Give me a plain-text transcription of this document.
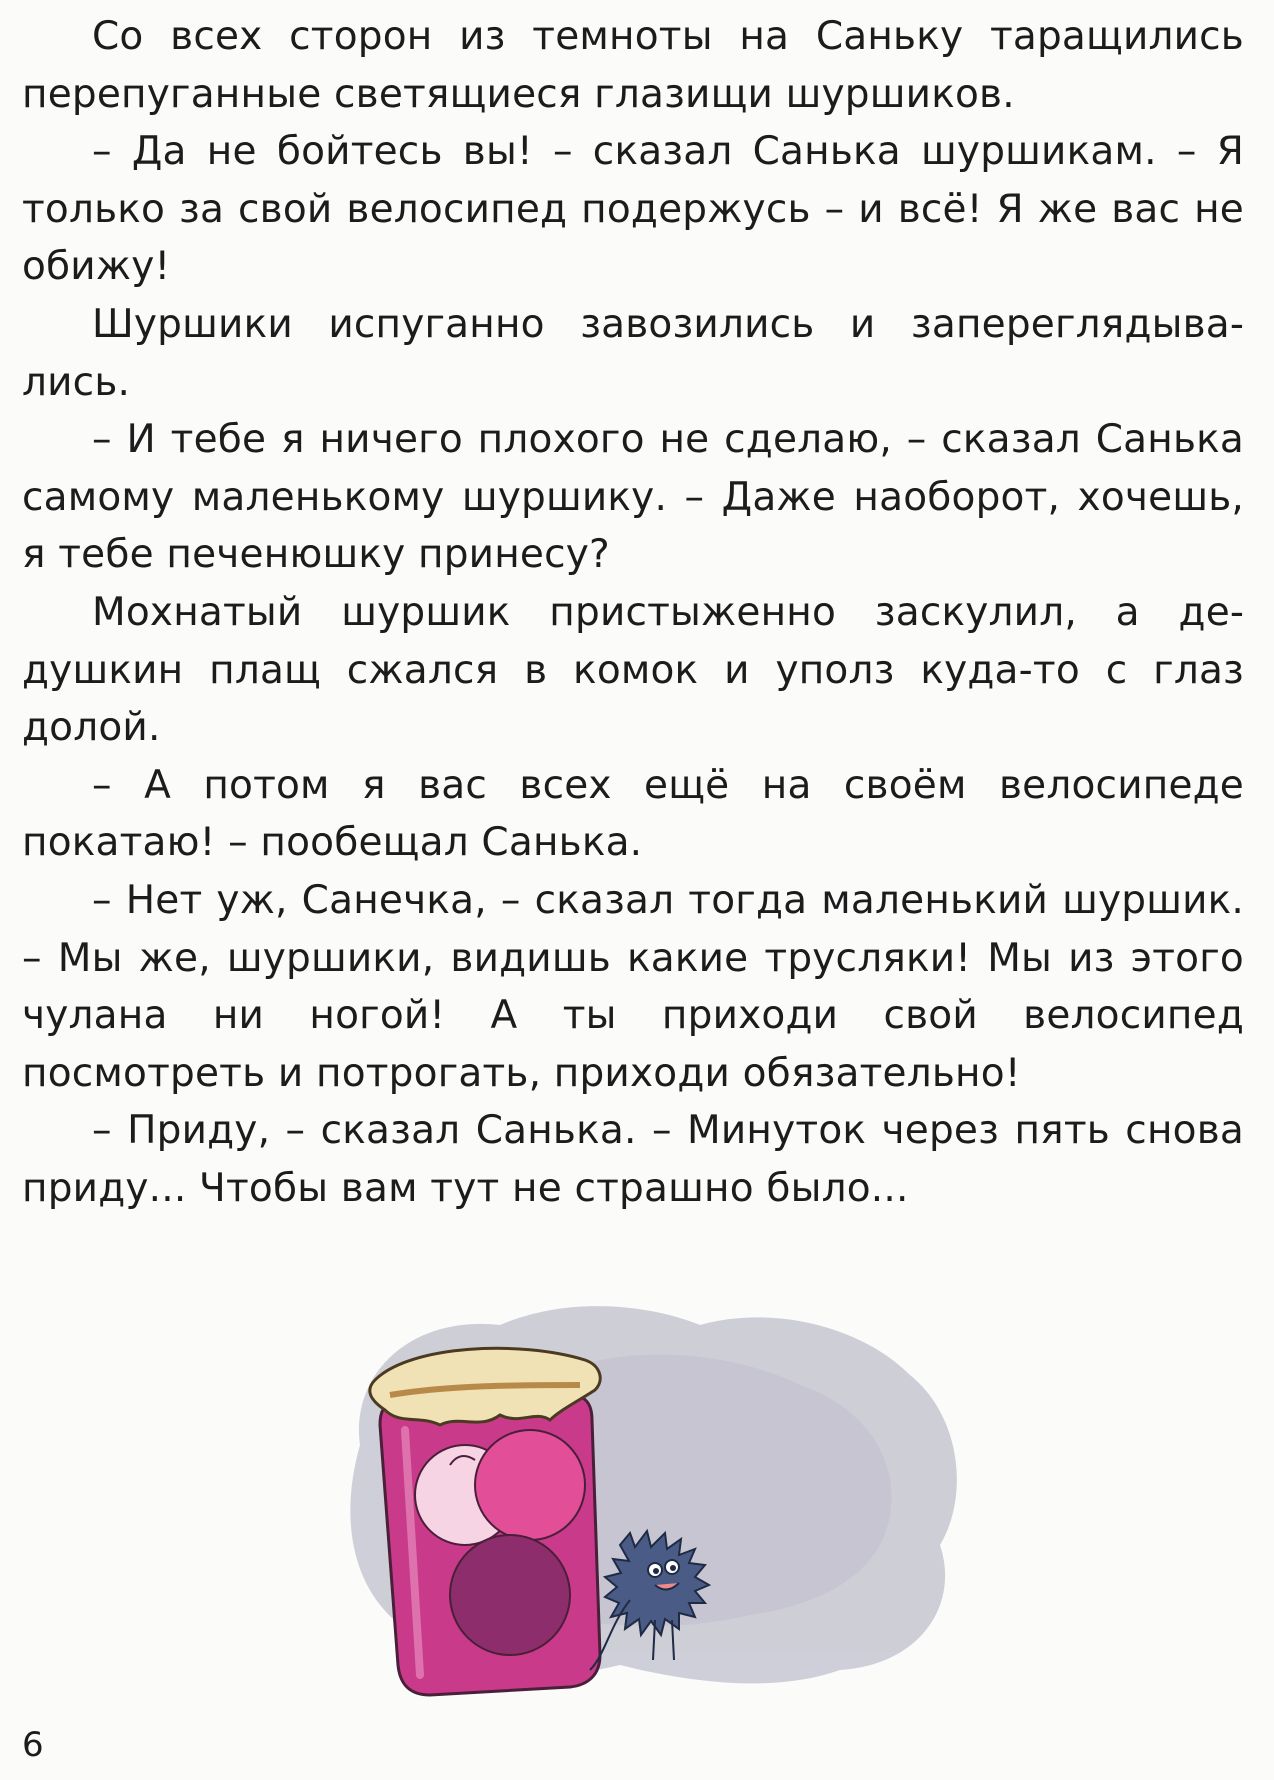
Со всех сторон из темноты на Саньку таращились перепуганные светящиеся глазищи шуршиков.

– Да не бойтесь вы! – сказал Санька шуршикам. – Я только за свой велосипед подержусь – и всё! Я же вас не обижу!

Шуршики испуганно завозились и запереглядывались.

– И тебе я ничего плохого не сделаю, – сказал Санька самому маленькому шуршику. – Даже наоборот, хочешь, я тебе печенюшку принесу?

Мохнатый шуршик пристыженно заскулил, а дедушкин плащ сжался в комок и уполз куда-то с глаз долой.

– А потом я вас всех ещё на своём велосипеде покатаю! – пообещал Санька.

– Нет уж, Санечка, – сказал тогда маленький шуршик. – Мы же, шуршики, видишь какие трусляки! Мы из этого чулана ни ногой! А ты приходи свой велосипед посмотреть и потрогать, приходи обязательно!

– Приду, – сказал Санька. – Минуток через пять снова приду... Чтобы вам тут не страшно было...

6
